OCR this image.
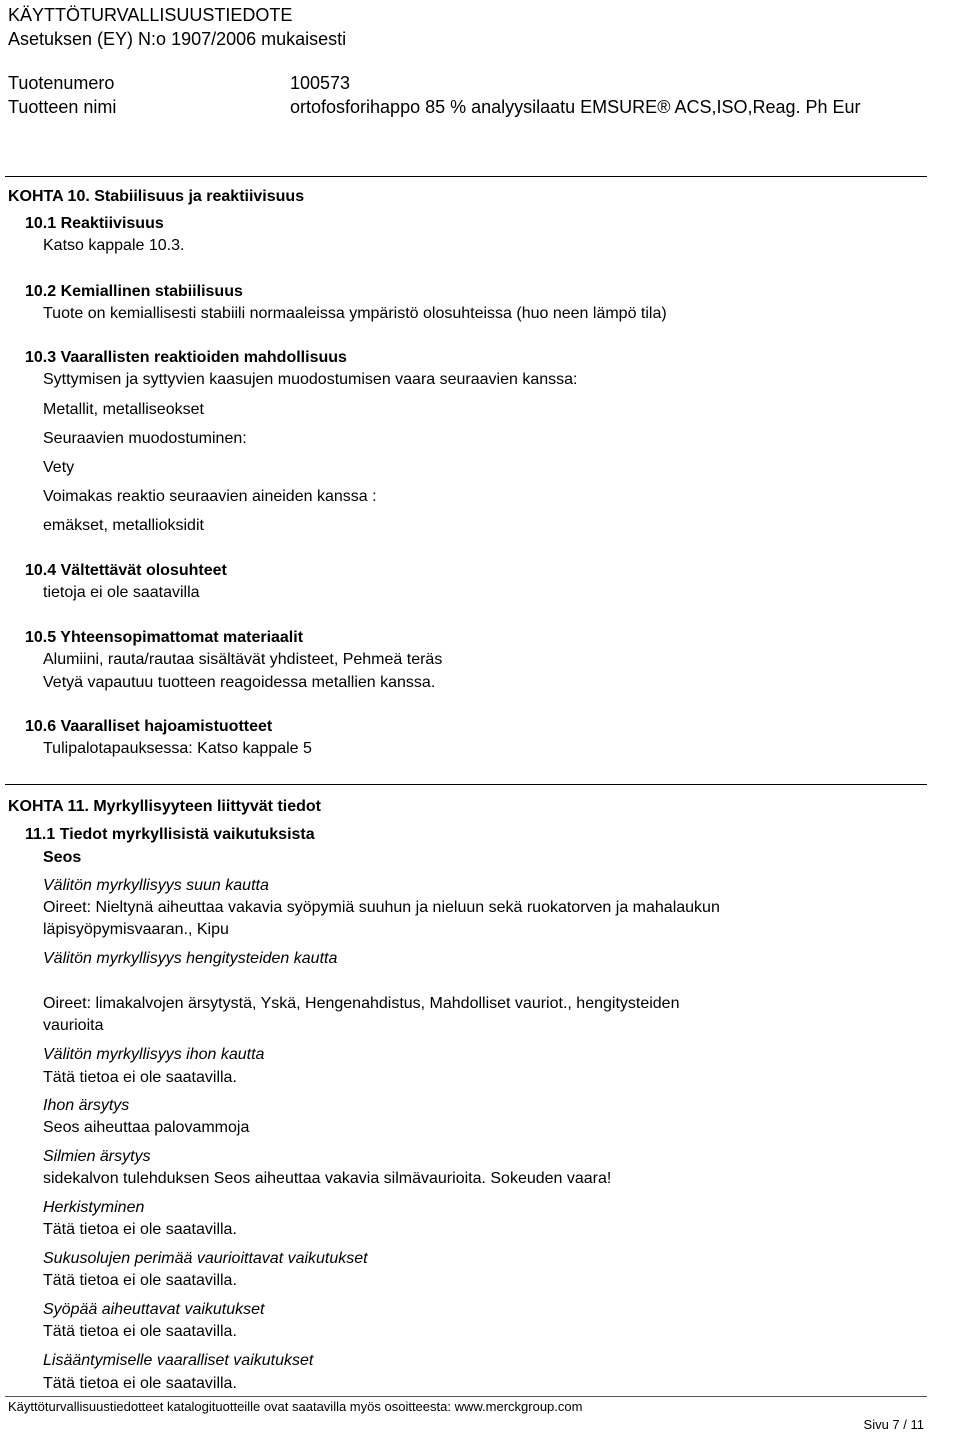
KÄYTTÖTURVALLISUUSTIEDOTE
Asetuksen (EY) N:o 1907/2006 mukaisesti
Tuotenumero	100573
Tuotteen nimi	ortofosforihappo 85 % analyysilaatu EMSURE® ACS,ISO,Reag. Ph Eur
KOHTA 10. Stabiilisuus ja reaktiivisuus
10.1 Reaktiivisuus
Katso kappale 10.3.
10.2 Kemiallinen stabiilisuus
Tuote on kemiallisesti stabiili normaaleissa ympäristö olosuhteissa (huo neen lämpö tila)
10.3 Vaarallisten reaktioiden mahdollisuus
Syttymisen ja syttyvien kaasujen muodostumisen vaara seuraavien kanssa:
Metallit, metalliseokset
Seuraavien muodostuminen:
Vety
Voimakas reaktio seuraavien aineiden kanssa :
emäkset, metallioksidit
10.4 Vältettävät olosuhteet
tietoja ei ole saatavilla
10.5 Yhteensopimattomat materiaalit
Alumiini, rauta/rautaa sisältävät yhdisteet, Pehmeä teräs
Vetyä vapautuu tuotteen reagoidessa metallien kanssa.
10.6 Vaaralliset hajoamistuotteet
Tulipalotapauksessa: Katso kappale 5
KOHTA 11. Myrkyllisyyteen liittyvät tiedot
11.1 Tiedot myrkyllisistä vaikutuksista
Seos
Välitön myrkyllisyys suun kautta
Oireet: Nieltynä aiheuttaa vakavia syöpymiä suuhun ja nieluun sekä ruokatorven ja mahalaukun
läpisyöpymisvaaran., Kipu
Välitön myrkyllisyys hengitysteiden kautta
Oireet: limakalvojen ärsytystä, Yskä, Hengenahdistus, Mahdolliset vauriot., hengitysteiden
vaurioita
Välitön myrkyllisyys ihon kautta
Tätä tietoa ei ole saatavilla.
Ihon ärsytys
Seos aiheuttaa palovammoja
Silmien ärsytys
sidekalvon tulehduksen Seos aiheuttaa vakavia silmävaurioita. Sokeuden vaara!
Herkistyminen
Tätä tietoa ei ole saatavilla.
Sukusolujen perimää vaurioittavat vaikutukset
Tätä tietoa ei ole saatavilla.
Syöpää aiheuttavat vaikutukset
Tätä tietoa ei ole saatavilla.
Lisääntymiselle vaaralliset vaikutukset
Tätä tietoa ei ole saatavilla.
Käyttöturvallisuustiedotteet katalogituotteille ovat saatavilla myös osoitteesta: www.merckgroup.com
Sivu 7 / 11
